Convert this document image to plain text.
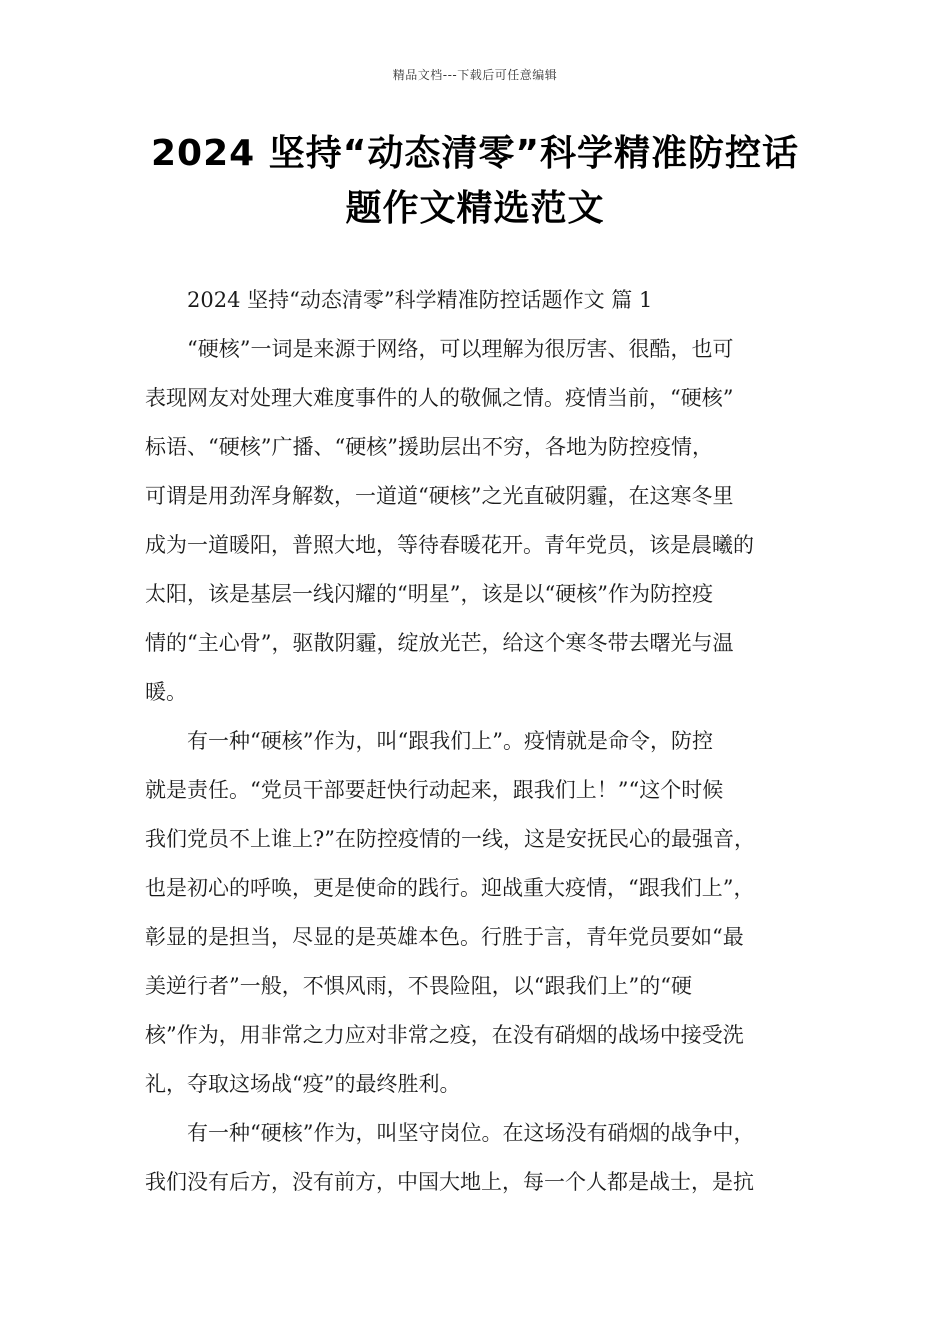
精品文档---下载后可任意编辑
2024 坚持“动态清零”科学精准防控话
题作文精选范文
2024 坚持“动态清零”科学精准防控话题作文 篇 1
“硬核”一词是来源于网络，可以理解为很厉害、很酷，也可
表现网友对处理大难度事件的人的敬佩之情。疫情当前，“硬核”
标语、“硬核”广播、“硬核”援助层出不穷，各地为防控疫情，
可谓是用劲浑身解数，一道道“硬核”之光直破阴霾，在这寒冬里
成为一道暖阳，普照大地，等待春暖花开。青年党员，该是晨曦的
太阳，该是基层一线闪耀的“明星”，该是以“硬核”作为防控疫
情的“主心骨”，驱散阴霾，绽放光芒，给这个寒冬带去曙光与温
暖。
有一种“硬核”作为，叫“跟我们上”。疫情就是命令，防控
就是责任。“党员干部要赶快行动起来，跟我们上！”“这个时候
我们党员不上谁上?”在防控疫情的一线，这是安抚民心的最强音，
也是初心的呼唤，更是使命的践行。迎战重大疫情，“跟我们上”，
彰显的是担当，尽显的是英雄本色。行胜于言，青年党员要如“最
美逆行者”一般，不惧风雨，不畏险阻，以“跟我们上”的“硬
核”作为，用非常之力应对非常之疫，在没有硝烟的战场中接受洗
礼，夺取这场战“疫”的最终胜利。
有一种“硬核”作为，叫坚守岗位。在这场没有硝烟的战争中，
我们没有后方，没有前方，中国大地上，每一个人都是战士，是抗
